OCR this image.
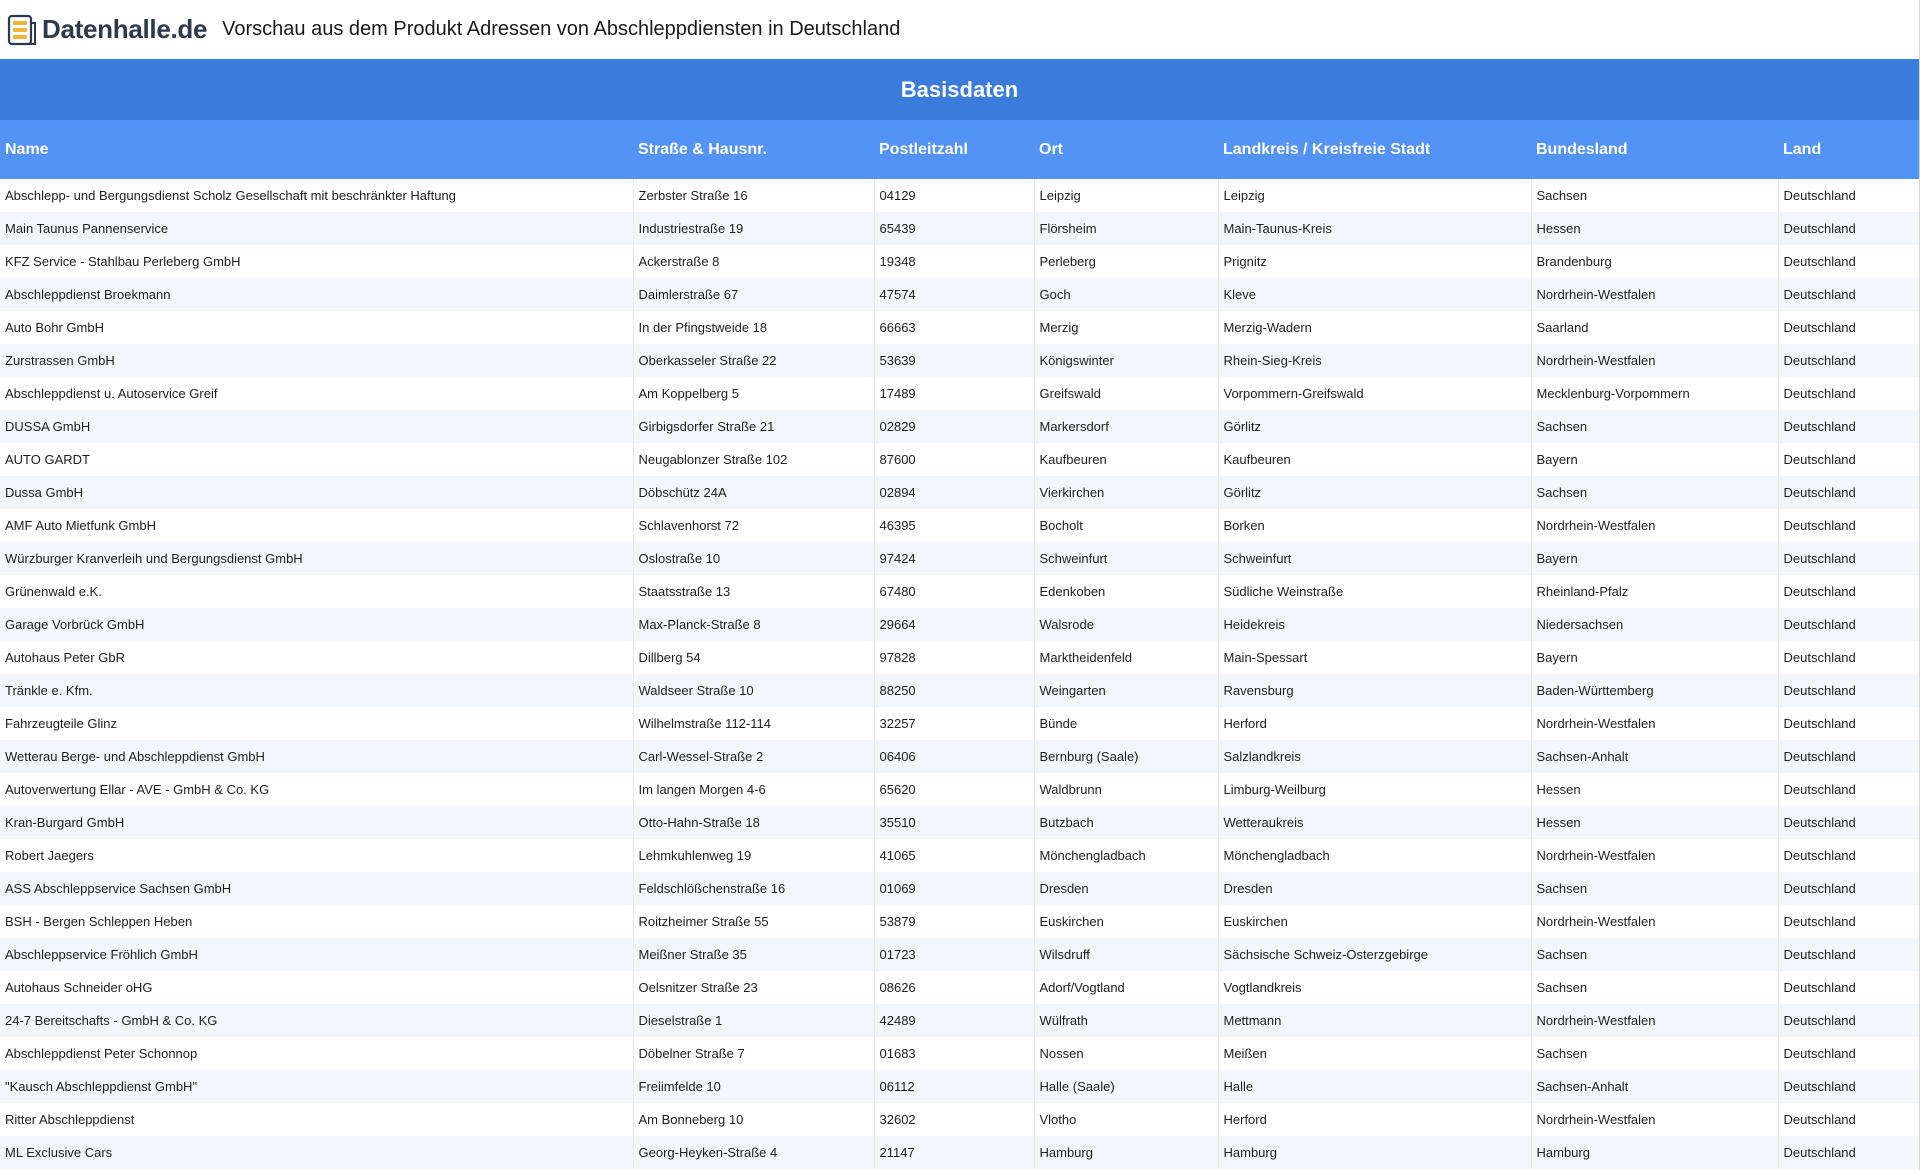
Datenhalle.de Vorschau aus dem Produkt Adressen von Abschleppdiensten in Deutschland
Basisdaten
Name	Straße & Hausnr.	Postleitzahl	Ort	Landkreis / Kreisfreie Stadt	Bundesland	Land
Abschlepp- und Bergungsdienst Scholz Gesellschaft mit beschränkter Haftung	Zerbster Straße 16	04129	Leipzig	Leipzig	Sachsen	Deutschland
Main Taunus Pannenservice	Industriestraße 19	65439	Flörsheim	Main-Taunus-Kreis	Hessen	Deutschland
KFZ Service - Stahlbau Perleberg GmbH	Ackerstraße 8	19348	Perleberg	Prignitz	Brandenburg	Deutschland
Abschleppdienst Broekmann	Daimlerstraße 67	47574	Goch	Kleve	Nordrhein-Westfalen	Deutschland
Auto Bohr GmbH	In der Pfingstweide 18	66663	Merzig	Merzig-Wadern	Saarland	Deutschland
Zurstrassen GmbH	Oberkasseler Straße 22	53639	Königswinter	Rhein-Sieg-Kreis	Nordrhein-Westfalen	Deutschland
Abschleppdienst u. Autoservice Greif	Am Koppelberg 5	17489	Greifswald	Vorpommern-Greifswald	Mecklenburg-Vorpommern	Deutschland
DUSSA GmbH	Girbigsdorfer Straße 21	02829	Markersdorf	Görlitz	Sachsen	Deutschland
AUTO GARDT	Neugablonzer Straße 102	87600	Kaufbeuren	Kaufbeuren	Bayern	Deutschland
Dussa GmbH	Döbschütz 24A	02894	Vierkirchen	Görlitz	Sachsen	Deutschland
AMF Auto Mietfunk GmbH	Schlavenhorst 72	46395	Bocholt	Borken	Nordrhein-Westfalen	Deutschland
Würzburger Kranverleih und Bergungsdienst GmbH	Oslostraße 10	97424	Schweinfurt	Schweinfurt	Bayern	Deutschland
Grünenwald e.K.	Staatsstraße 13	67480	Edenkoben	Südliche Weinstraße	Rheinland-Pfalz	Deutschland
Garage Vorbrück GmbH	Max-Planck-Straße 8	29664	Walsrode	Heidekreis	Niedersachsen	Deutschland
Autohaus Peter GbR	Dillberg 54	97828	Marktheidenfeld	Main-Spessart	Bayern	Deutschland
Tränkle e. Kfm.	Waldseer Straße 10	88250	Weingarten	Ravensburg	Baden-Württemberg	Deutschland
Fahrzeugteile Glinz	Wilhelmstraße 112-114	32257	Bünde	Herford	Nordrhein-Westfalen	Deutschland
Wetterau Berge- und Abschleppdienst GmbH	Carl-Wessel-Straße 2	06406	Bernburg (Saale)	Salzlandkreis	Sachsen-Anhalt	Deutschland
Autoverwertung Ellar - AVE - GmbH & Co. KG	Im langen Morgen 4-6	65620	Waldbrunn	Limburg-Weilburg	Hessen	Deutschland
Kran-Burgard GmbH	Otto-Hahn-Straße 18	35510	Butzbach	Wetteraukreis	Hessen	Deutschland
Robert Jaegers	Lehmkuhlenweg 19	41065	Mönchengladbach	Mönchengladbach	Nordrhein-Westfalen	Deutschland
ASS Abschleppservice Sachsen GmbH	Feldschlößchenstraße 16	01069	Dresden	Dresden	Sachsen	Deutschland
BSH - Bergen Schleppen Heben	Roitzheimer Straße 55	53879	Euskirchen	Euskirchen	Nordrhein-Westfalen	Deutschland
Abschleppservice Fröhlich GmbH	Meißner Straße 35	01723	Wilsdruff	Sächsische Schweiz-Osterzgebirge	Sachsen	Deutschland
Autohaus Schneider oHG	Oelsnitzer Straße 23	08626	Adorf/Vogtland	Vogtlandkreis	Sachsen	Deutschland
24-7 Bereitschafts - GmbH & Co. KG	Dieselstraße 1	42489	Wülfrath	Mettmann	Nordrhein-Westfalen	Deutschland
Abschleppdienst Peter Schonnop	Döbelner Straße 7	01683	Nossen	Meißen	Sachsen	Deutschland
"Kausch Abschleppdienst GmbH"	Freiimfelde 10	06112	Halle (Saale)	Halle	Sachsen-Anhalt	Deutschland
Ritter Abschleppdienst	Am Bonneberg 10	32602	Vlotho	Herford	Nordrhein-Westfalen	Deutschland
ML Exclusive Cars	Georg-Heyken-Straße 4	21147	Hamburg	Hamburg	Hamburg	Deutschland
